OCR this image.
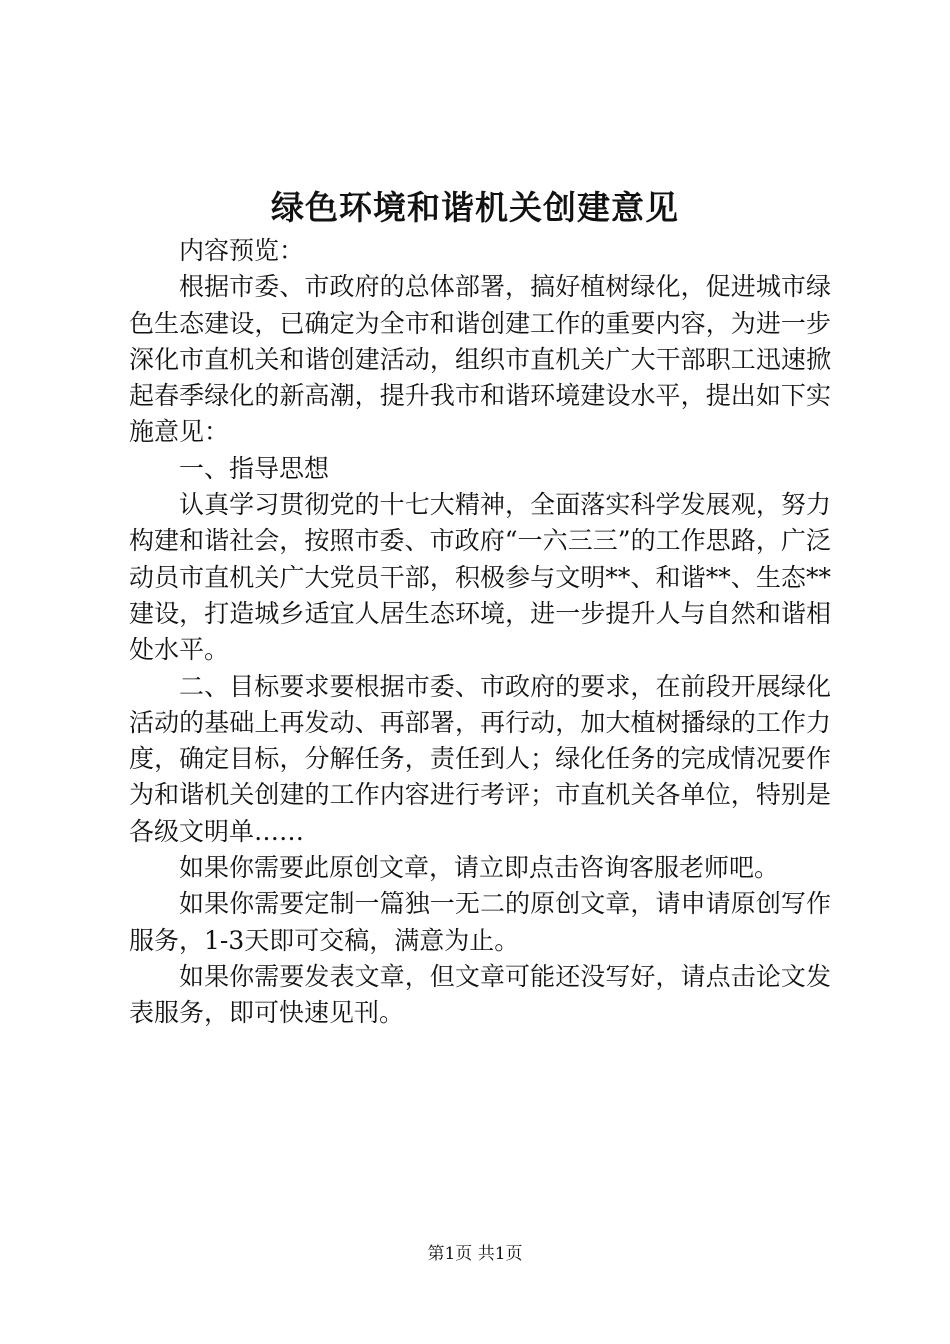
绿色环境和谐机关创建意见

内容预览：

根据市委、市政府的总体部署，搞好植树绿化，促进城市绿色生态建设，已确定为全市和谐创建工作的重要内容，为进一步深化市直机关和谐创建活动，组织市直机关广大干部职工迅速掀起春季绿化的新高潮，提升我市和谐环境建设水平，提出如下实施意见：

一、指导思想

认真学习贯彻党的十七大精神，全面落实科学发展观，努力构建和谐社会，按照市委、市政府“一六三三”的工作思路，广泛动员市直机关广大党员干部，积极参与文明**、和谐**、生态**建设，打造城乡适宜人居生态环境，进一步提升人与自然和谐相处水平。

二、目标要求要根据市委、市政府的要求，在前段开展绿化活动的基础上再发动、再部署，再行动，加大植树播绿的工作力度，确定目标，分解任务，责任到人；绿化任务的完成情况要作为和谐机关创建的工作内容进行考评；市直机关各单位，特别是各级文明单……

如果你需要此原创文章，请立即点击咨询客服老师吧。

如果你需要定制一篇独一无二的原创文章，请申请原创写作服务，1-3天即可交稿，满意为止。

如果你需要发表文章，但文章可能还没写好，请点击论文发表服务，即可快速见刊。

第1页 共1页
